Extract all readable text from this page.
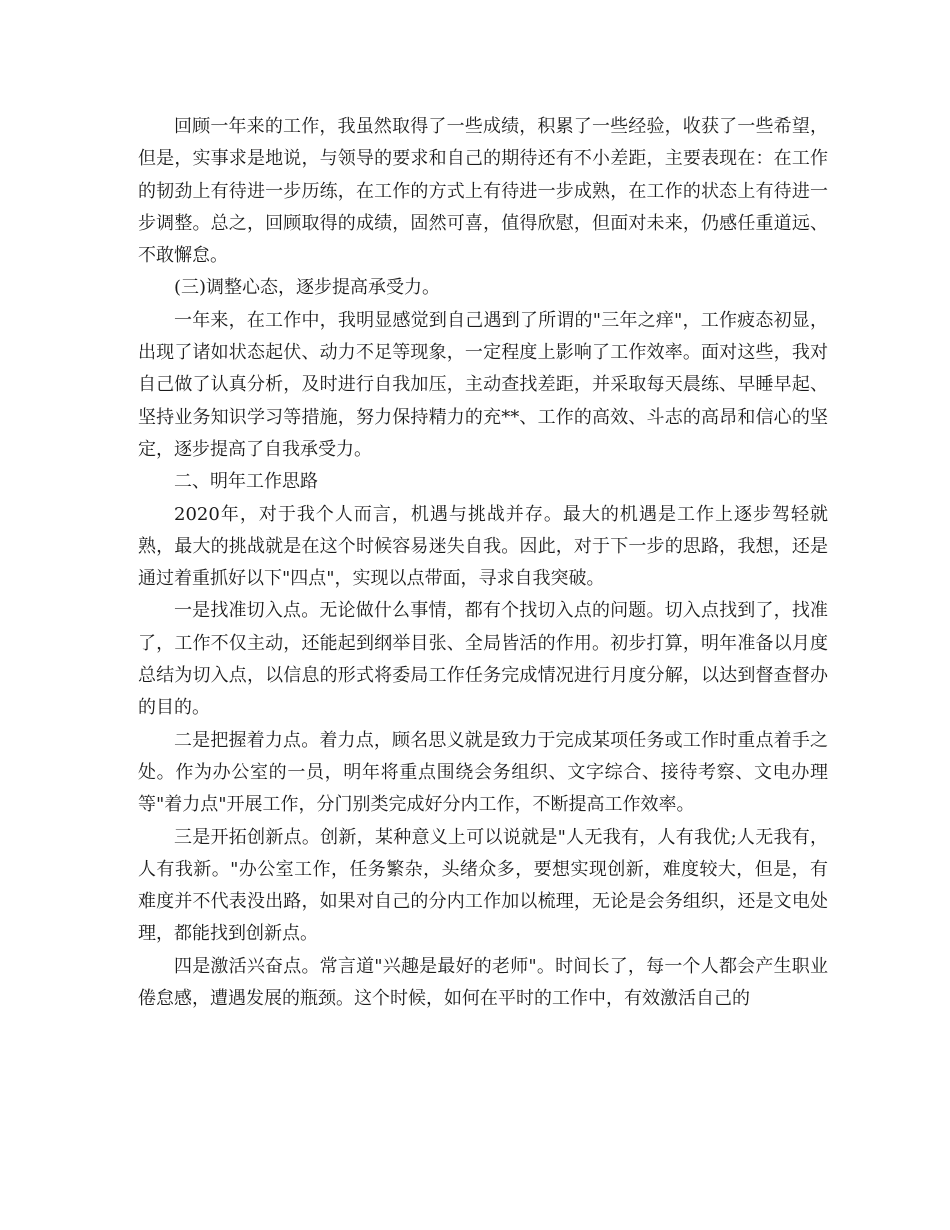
回顾一年来的工作，我虽然取得了一些成绩，积累了一些经验，收获了一些希望，但是，实事求是地说，与领导的要求和自己的期待还有不小差距，主要表现在：在工作的韧劲上有待进一步历练，在工作的方式上有待进一步成熟，在工作的状态上有待进一步调整。总之，回顾取得的成绩，固然可喜，值得欣慰，但面对未来，仍感任重道远、不敢懈怠。

(三)调整心态，逐步提高承受力。

一年来，在工作中，我明显感觉到自己遇到了所谓的"三年之痒"，工作疲态初显，出现了诸如状态起伏、动力不足等现象，一定程度上影响了工作效率。面对这些，我对自己做了认真分析，及时进行自我加压，主动查找差距，并采取每天晨练、早睡早起、坚持业务知识学习等措施，努力保持精力的充**、工作的高效、斗志的高昂和信心的坚定，逐步提高了自我承受力。

二、明年工作思路

2020年，对于我个人而言，机遇与挑战并存。最大的机遇是工作上逐步驾轻就熟，最大的挑战就是在这个时候容易迷失自我。因此，对于下一步的思路，我想，还是通过着重抓好以下"四点"，实现以点带面，寻求自我突破。

一是找准切入点。无论做什么事情，都有个找切入点的问题。切入点找到了，找准了，工作不仅主动，还能起到纲举目张、全局皆活的作用。初步打算，明年准备以月度总结为切入点，以信息的形式将委局工作任务完成情况进行月度分解，以达到督查督办的目的。

二是把握着力点。着力点，顾名思义就是致力于完成某项任务或工作时重点着手之处。作为办公室的一员，明年将重点围绕会务组织、文字综合、接待考察、文电办理等"着力点"开展工作，分门别类完成好分内工作，不断提高工作效率。

三是开拓创新点。创新，某种意义上可以说就是"人无我有，人有我优;人无我有，人有我新。"办公室工作，任务繁杂，头绪众多，要想实现创新，难度较大，但是，有难度并不代表没出路，如果对自己的分内工作加以梳理，无论是会务组织，还是文电处理，都能找到创新点。

四是激活兴奋点。常言道"兴趣是最好的老师"。时间长了，每一个人都会产生职业倦怠感，遭遇发展的瓶颈。这个时候，如何在平时的工作中，有效激活自己的
